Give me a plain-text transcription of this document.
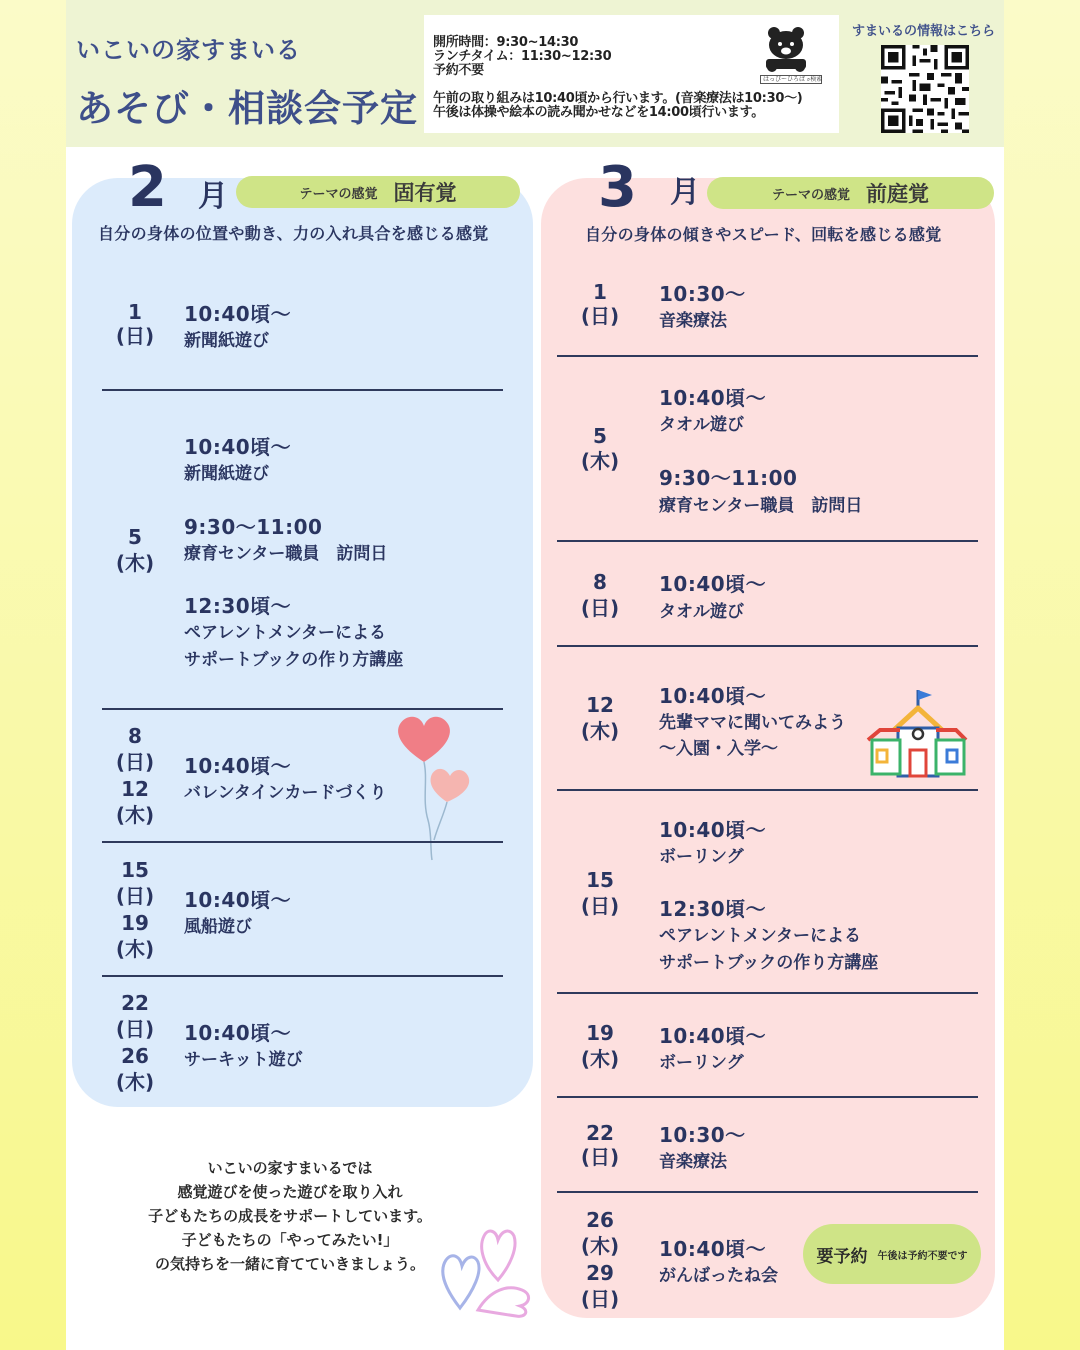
いこいの家すまいる
あそび・相談会予定
開所時間：9:30~14:30
ランチタイム：11:30~12:30
予約不要
午前の取り組みは10:40頃から行います。(音楽療法は10:30～)
午後は体操や絵本の読み聞かせなどを14:00頃行います。
はっぴーひろば ⌕検索
すまいるの情報はこちら
2 月	テーマの感覚 固有覚
自分の身体の位置や動き、力の入れ具合を感じる感覚
1
(日)
10:40頃～
新聞紙遊び
5
(木)
10:40頃～
新聞紙遊び
9:30～11:00
療育センター職員　訪問日
12:30頃～
ペアレントメンターによる
サポートブックの作り方講座
8
(日)
12
(木)
10:40頃～
バレンタインカードづくり
15
(日)
19
(木)
10:40頃～
風船遊び
22
(日)
26
(木)
10:40頃～
サーキット遊び
いこいの家すまいるでは
感覚遊びを使った遊びを取り入れ
子どもたちの成長をサポートしています。
子どもたちの「やってみたい!」
の気持ちを一緒に育てていきましょう。
3 月	テーマの感覚 前庭覚
自分の身体の傾きやスピード、回転を感じる感覚
1
(日)
10:30～
音楽療法
5
(木)
10:40頃～
タオル遊び
9:30～11:00
療育センター職員　訪問日
8
(日)
10:40頃～
タオル遊び
12
(木)
10:40頃～
先輩ママに聞いてみよう
～入園・入学～
15
(日)
10:40頃～
ボーリング
12:30頃～
ペアレントメンターによる
サポートブックの作り方講座
19
(木)
10:40頃～
ボーリング
22
(日)
10:30～
音楽療法
26
(木)
29
(日)
10:40頃～
がんばったね会
要予約 午後は予約不要です
